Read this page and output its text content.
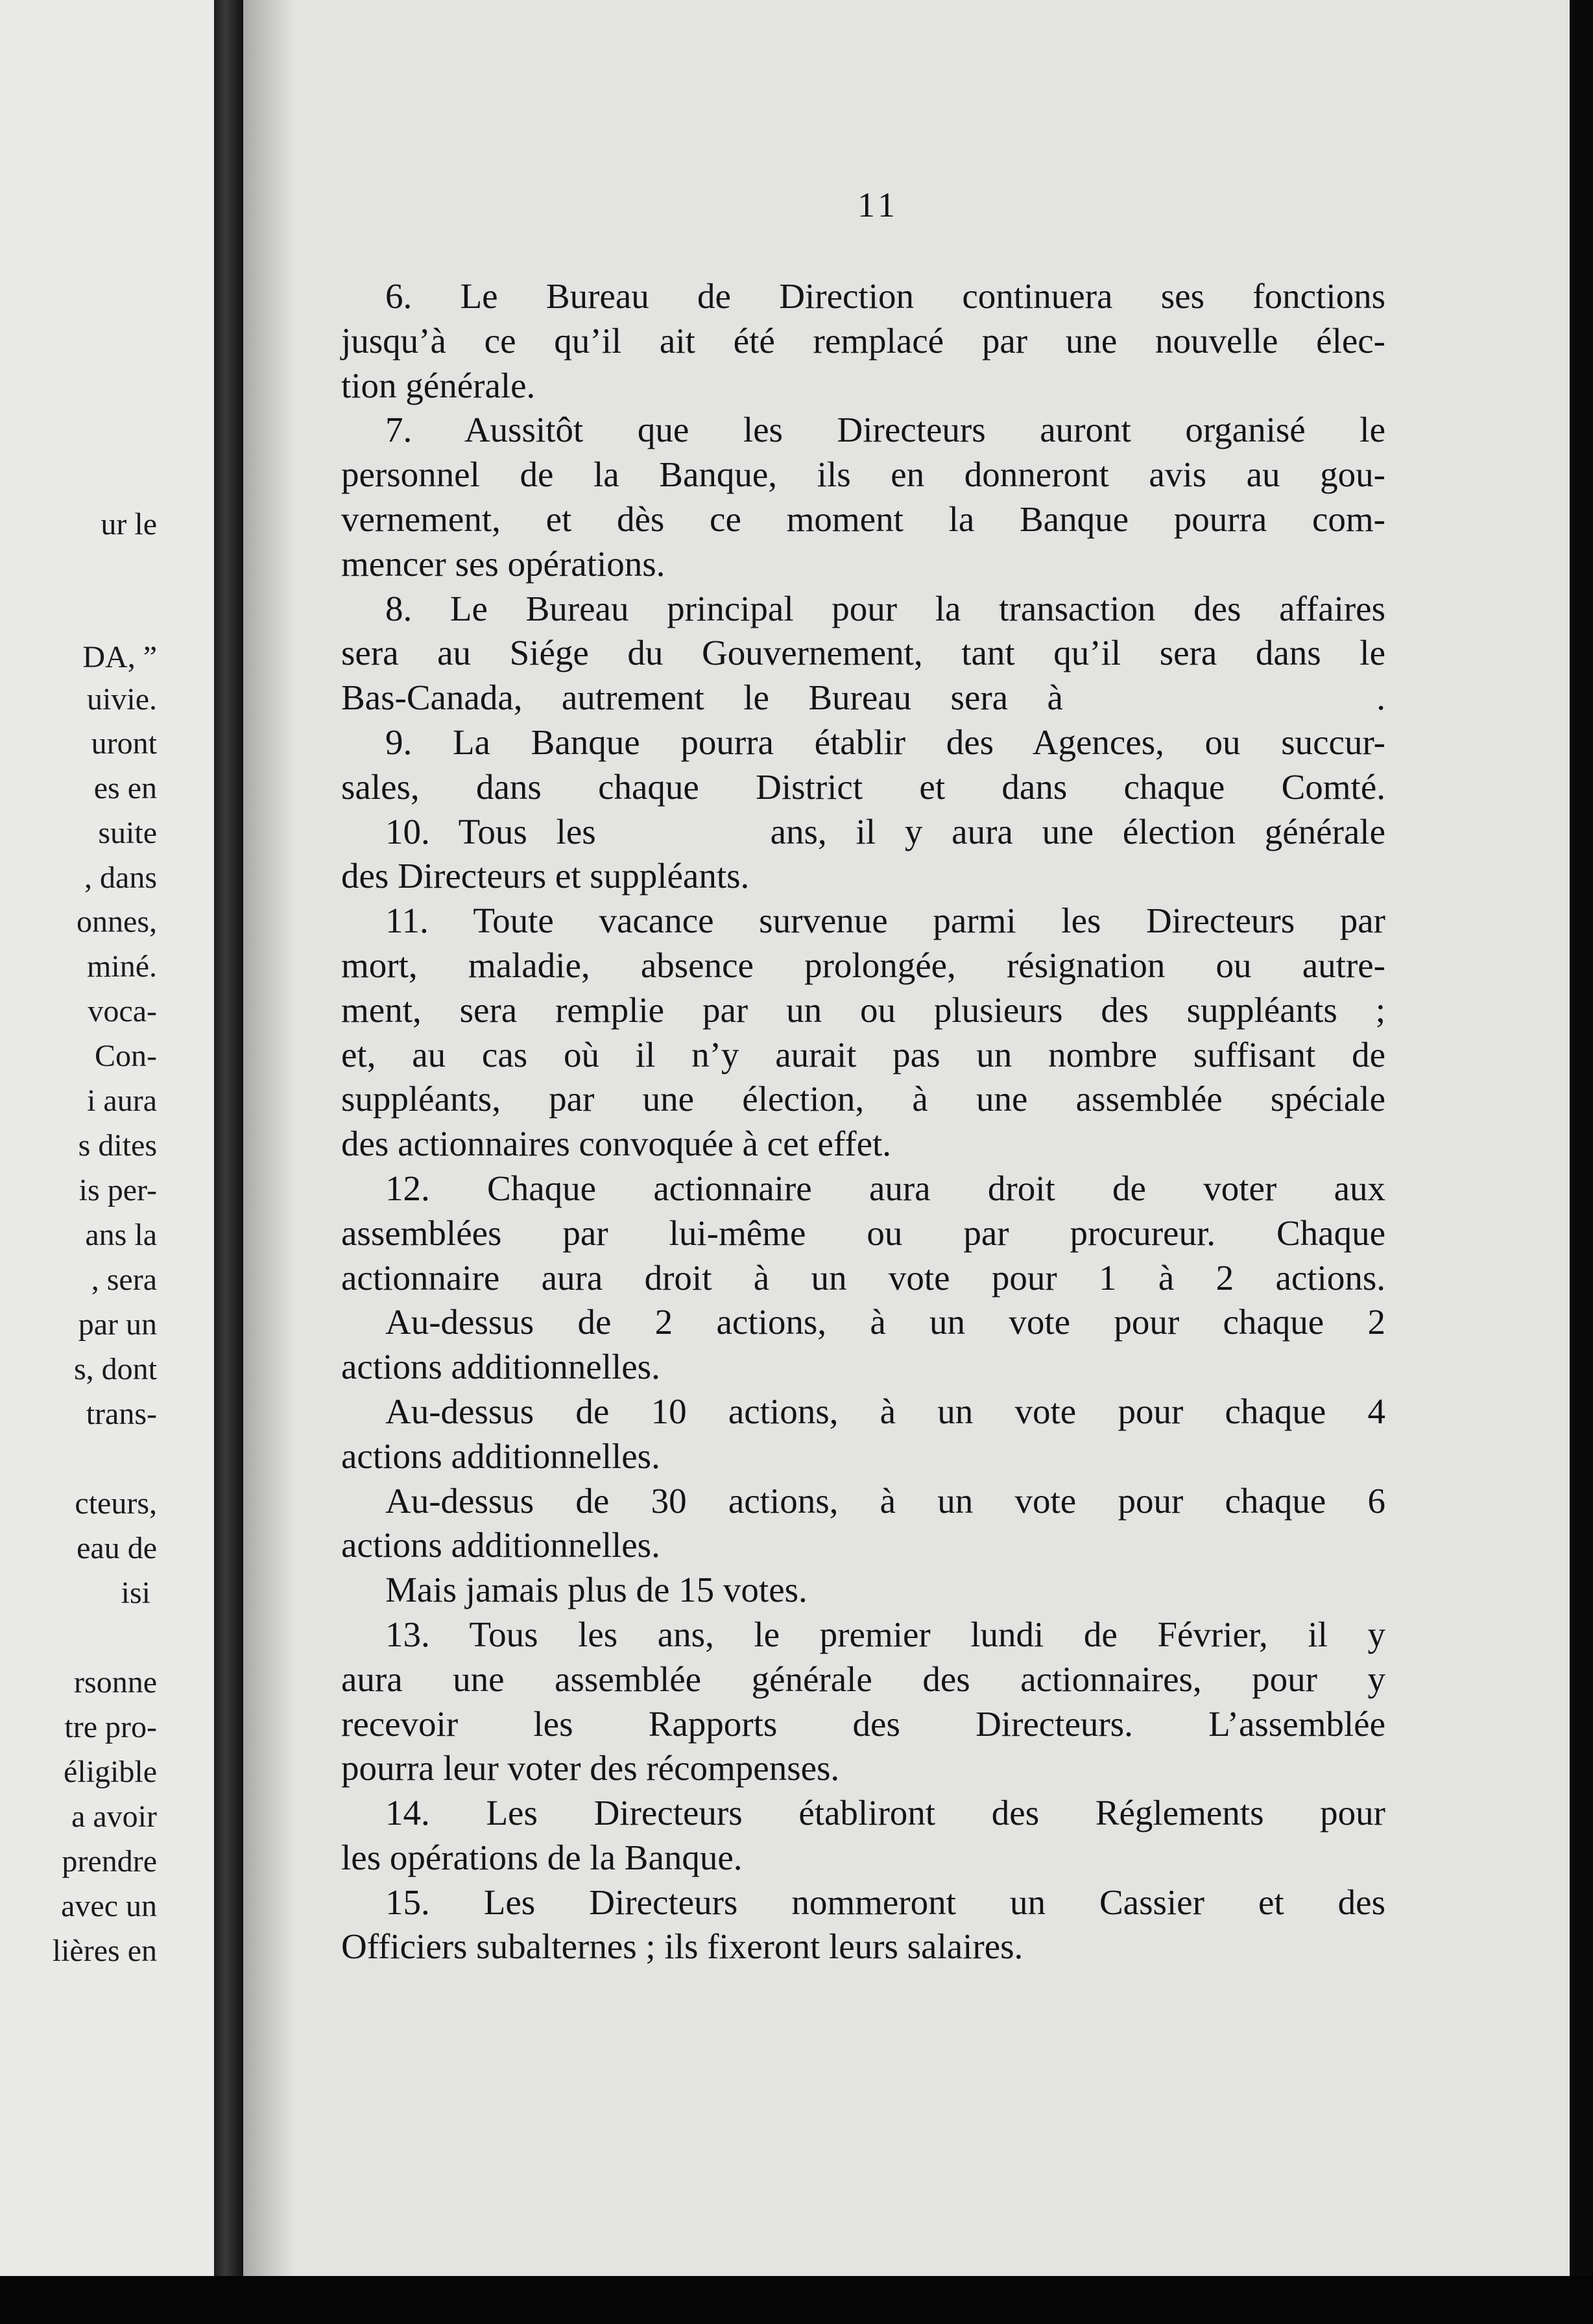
ur le
DA, ”
uivie.
uront
es en
suite
, dans
onnes,
miné.
voca-
Con-
i aura
s dites
is per-
ans la
, sera
par un
s, dont
trans-
cteurs,
eau de
isi
rsonne
tre pro-
éligible
a avoir
prendre
avec un
lières en
11
6. Le Bureau de Direction continuera ses fonctions
jusqu’à ce qu’il ait été remplacé par une nouvelle élec-
tion générale.
7. Aussitôt que les Directeurs auront organisé le
personnel de la Banque, ils en donneront avis au gou-
vernement, et dès ce moment la Banque pourra com-
mencer ses opérations.
8. Le Bureau principal pour la transaction des affaires
sera au Siége du Gouvernement, tant qu’il sera dans le
Bas-Canada, autrement le Bureau sera à        .
9. La Banque pourra établir des Agences, ou succur-
sales, dans chaque District et dans chaque Comté.
10. Tous les      ans, il y aura une élection générale
des Directeurs et suppléants.
11. Toute vacance survenue parmi les Directeurs par
mort, maladie, absence prolongée, résignation ou autre-
ment, sera remplie par un ou plusieurs des suppléants ;
et, au cas où il n’y aurait pas un nombre suffisant de
suppléants, par une élection, à une assemblée spéciale
des actionnaires convoquée à cet effet.
12. Chaque actionnaire aura droit de voter aux
assemblées par lui-même ou par procureur. Chaque
actionnaire aura droit à un vote pour 1 à 2 actions.
Au-dessus de 2 actions, à un vote pour chaque 2
actions additionnelles.
Au-dessus de 10 actions, à un vote pour chaque 4
actions additionnelles.
Au-dessus de 30 actions, à un vote pour chaque 6
actions additionnelles.
Mais jamais plus de 15 votes.
13. Tous les ans, le premier lundi de Février, il y
aura une assemblée générale des actionnaires, pour y
recevoir les Rapports des Directeurs. L’assemblée
pourra leur voter des récompenses.
14. Les Directeurs établiront des Réglements pour
les opérations de la Banque.
15. Les Directeurs nommeront un Cassier et des
Officiers subalternes ; ils fixeront leurs salaires.
